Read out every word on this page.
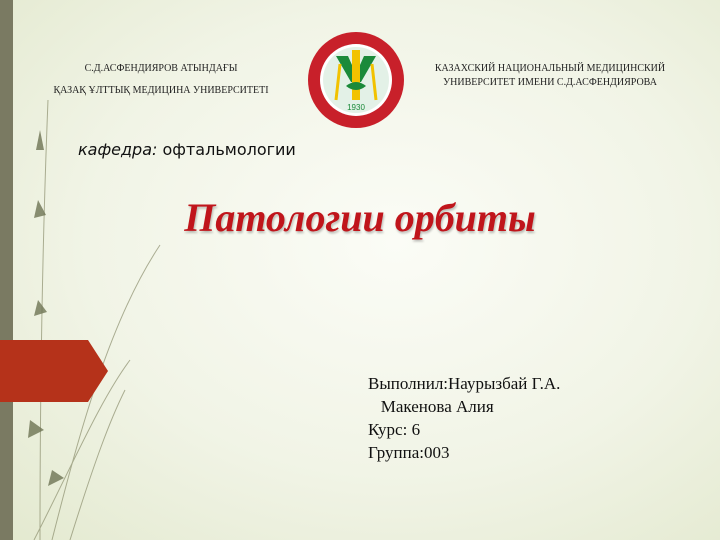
С.Д.АСФЕНДИЯРОВ АТЫНДАҒЫ
ҚАЗАҚ ҰЛТТЫҚ МЕДИЦИНА УНИВЕРСИТЕТІ
1930
КАЗАХСКИЙ НАЦИОНАЛЬНЫЙ МЕДИЦИНСКИЙ
УНИВЕРСИТЕТ ИМЕНИ С.Д.АСФЕНДИЯРОВА
кафедра: офтальмологии
Патологии орбиты
Выполнил:Наурызбай Г.А.
Макенова Алия
Курс: 6
Группа:003
